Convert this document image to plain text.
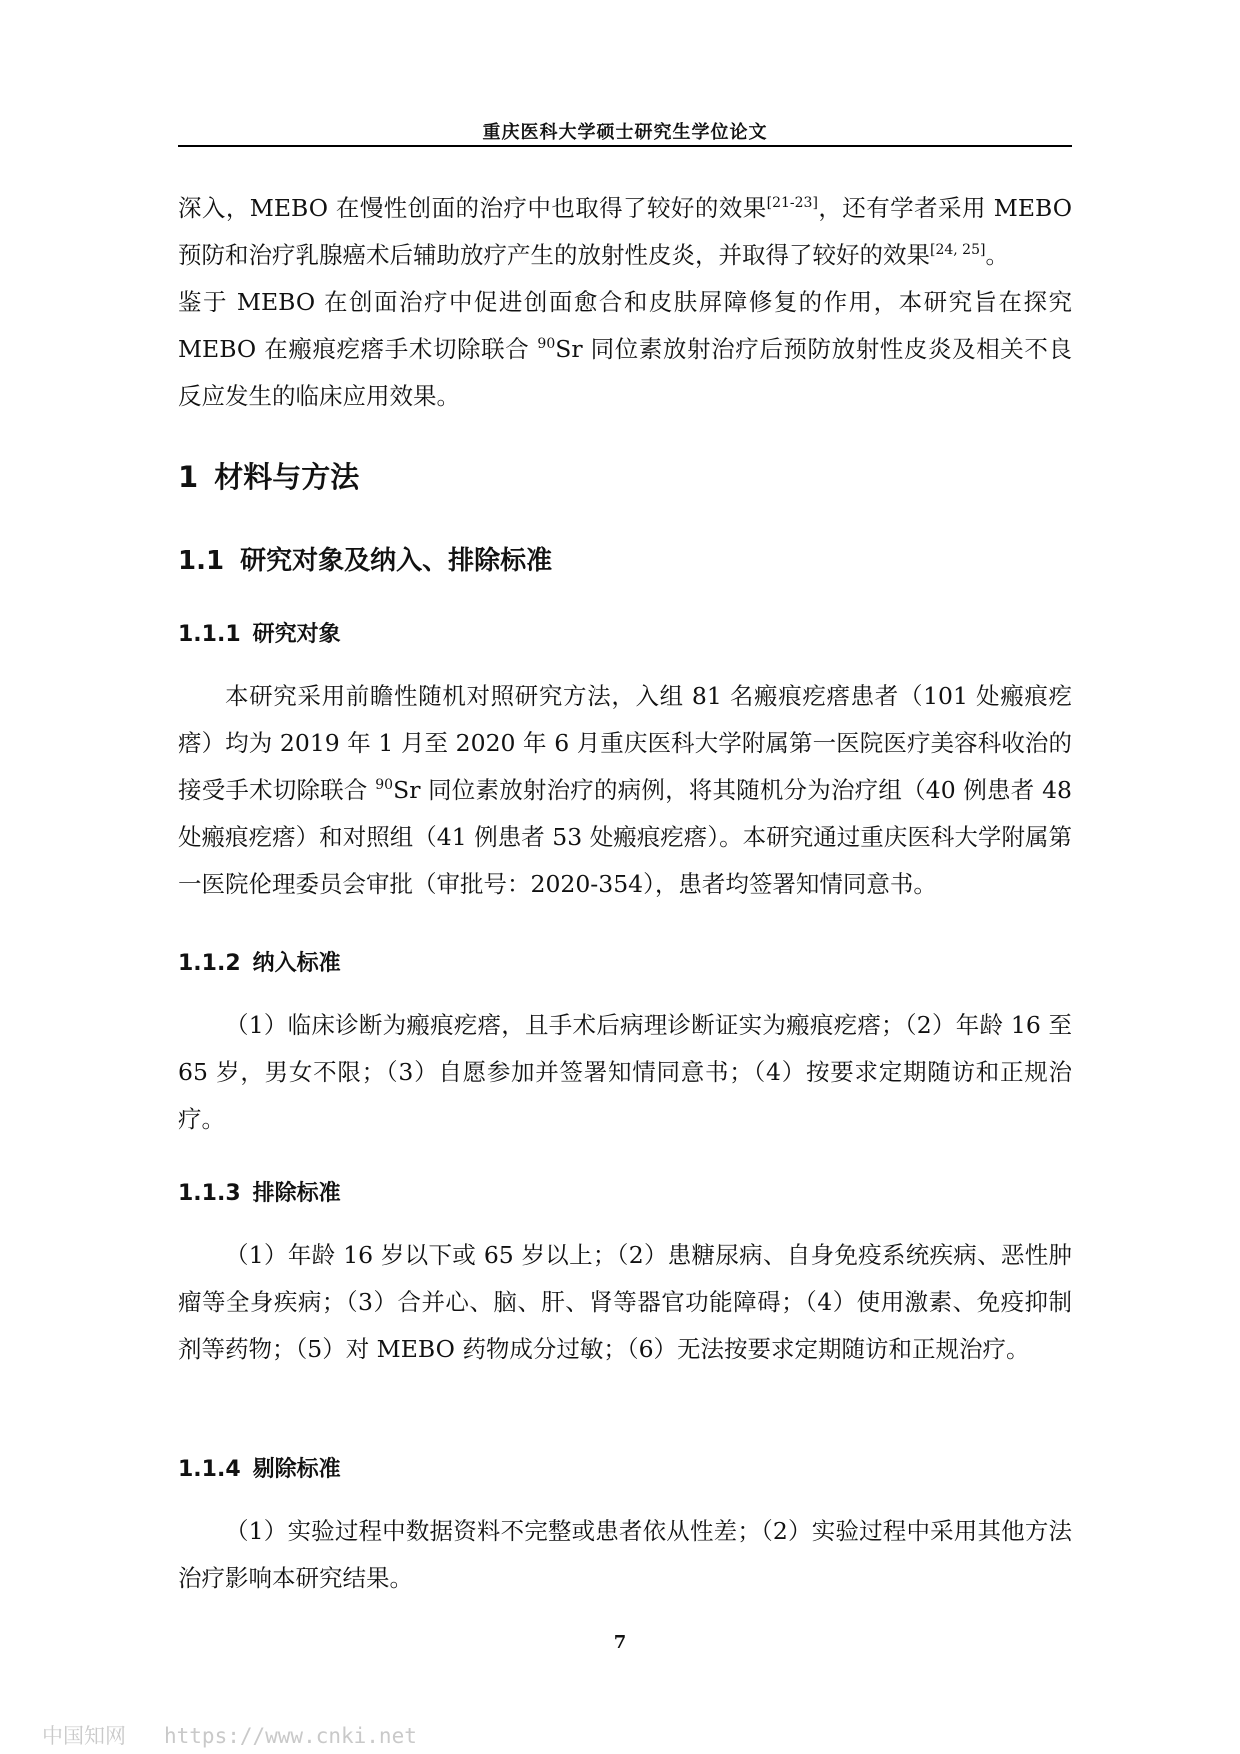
重庆医科大学硕士研究生学位论文

深入，MEBO 在慢性创面的治疗中也取得了较好的效果[21-23]，还有学者采用 MEBO 预防和治疗乳腺癌术后辅助放疗产生的放射性皮炎，并取得了较好的效果[24, 25]。

鉴于 MEBO 在创面治疗中促进创面愈合和皮肤屏障修复的作用，本研究旨在探究 MEBO 在瘢痕疙瘩手术切除联合 $^{90}$Sr 同位素放射治疗后预防放射性皮炎及相关不良反应发生的临床应用效果。

1 材料与方法
1.1 研究对象及纳入、排除标准
1.1.1 研究对象

本研究采用前瞻性随机对照研究方法，入组 81 名瘢痕疙瘩患者（101 处瘢痕疙瘩）均为 2019 年 1 月至 2020 年 6 月重庆医科大学附属第一医院医疗美容科收治的接受手术切除联合 $^{90}$Sr 同位素放射治疗的病例，将其随机分为治疗组（40 例患者 48 处瘢痕疙瘩）和对照组（41 例患者 53 处瘢痕疙瘩）。本研究通过重庆医科大学附属第一医院伦理委员会审批（审批号：2020-354），患者均签署知情同意书。

1.1.2 纳入标准

（1）临床诊断为瘢痕疙瘩，且手术后病理诊断证实为瘢痕疙瘩；（2）年龄 16 至 65 岁，男女不限；（3）自愿参加并签署知情同意书；（4）按要求定期随访和正规治疗。

1.1.3 排除标准

（1）年龄 16 岁以下或 65 岁以上；（2）患糖尿病、自身免疫系统疾病、恶性肿瘤等全身疾病；（3）合并心、脑、肝、肾等器官功能障碍；（4）使用激素、免疫抑制剂等药物；（5）对 MEBO 药物成分过敏；（6）无法按要求定期随访和正规治疗。

1.1.4 剔除标准

（1）实验过程中数据资料不完整或患者依从性差；（2）实验过程中采用其他方法治疗影响本研究结果。

7
中国知网 https://www.cnki.net
